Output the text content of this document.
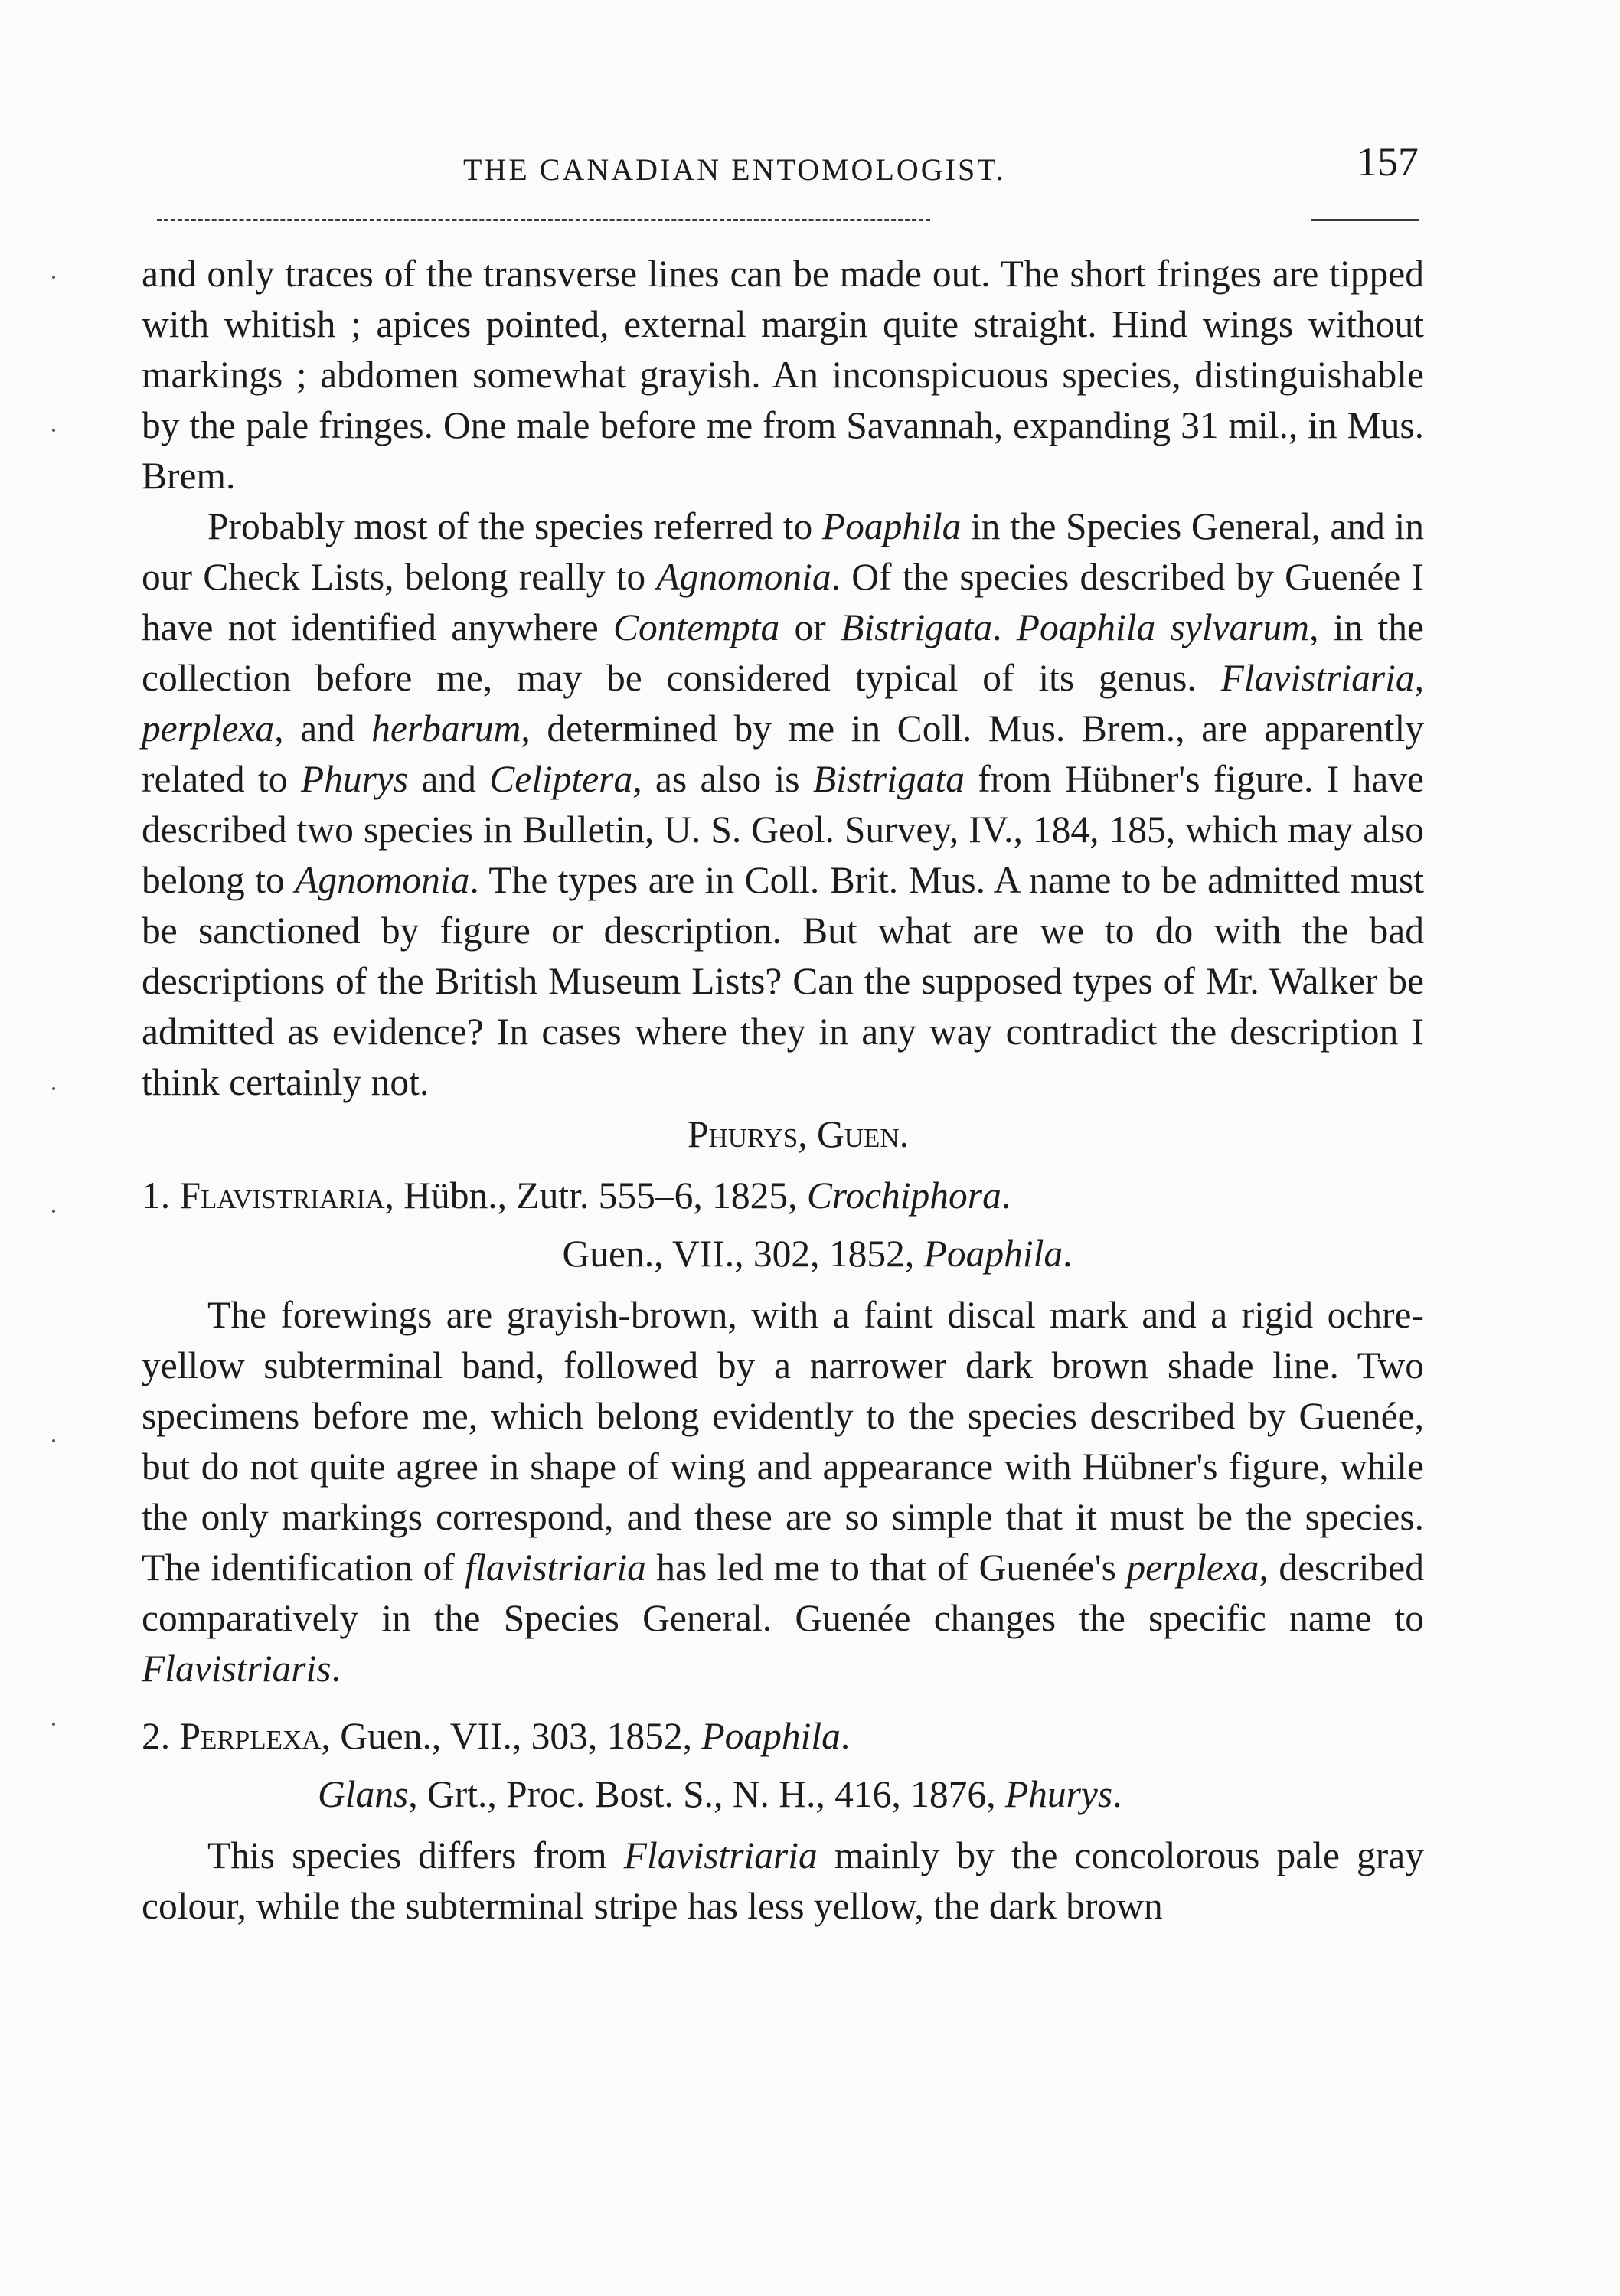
THE CANADIAN ENTOMOLOGIST.	157

and only traces of the transverse lines can be made out. The short fringes are tipped with whitish ; apices pointed, external margin quite straight. Hind wings without markings ; abdomen somewhat grayish. An inconspicuous species, distinguishable by the pale fringes. One male before me from Savannah, expanding 31 mil., in Mus. Brem.

Probably most of the species referred to Poaphila in the Species General, and in our Check Lists, belong really to Agnomonia. Of the species described by Guenée I have not identified anywhere Contempta or Bistrigata. Poaphila sylvarum, in the collection before me, may be considered typical of its genus. Flavistriaria, perplexa, and herbarum, determined by me in Coll. Mus. Brem., are apparently related to Phurys and Celiptera, as also is Bistrigata from Hübner's figure. I have described two species in Bulletin, U. S. Geol. Survey, IV., 184, 185, which may also belong to Agnomonia. The types are in Coll. Brit. Mus. A name to be admitted must be sanctioned by figure or description. But what are we to do with the bad descriptions of the British Museum Lists? Can the supposed types of Mr. Walker be admitted as evidence? In cases where they in any way contradict the description I think certainly not.

Phurys, Guen.

1. Flavistriaria, Hübn., Zutr. 555–6, 1825, Crochiphora.

Guen., VII., 302, 1852, Poaphila.

The forewings are grayish-brown, with a faint discal mark and a rigid ochre-yellow subterminal band, followed by a narrower dark brown shade line. Two specimens before me, which belong evidently to the species described by Guenée, but do not quite agree in shape of wing and appearance with Hübner's figure, while the only markings correspond, and these are so simple that it must be the species. The identification of flavistriaria has led me to that of Guenée's perplexa, described comparatively in the Species General. Guenée changes the specific name to Flavistriaris.

2. Perplexa, Guen., VII., 303, 1852, Poaphila.

Glans, Grt., Proc. Bost. S., N. H., 416, 1876, Phurys.

This species differs from Flavistriaria mainly by the concolorous pale gray colour, while the subterminal stripe has less yellow, the dark brown
